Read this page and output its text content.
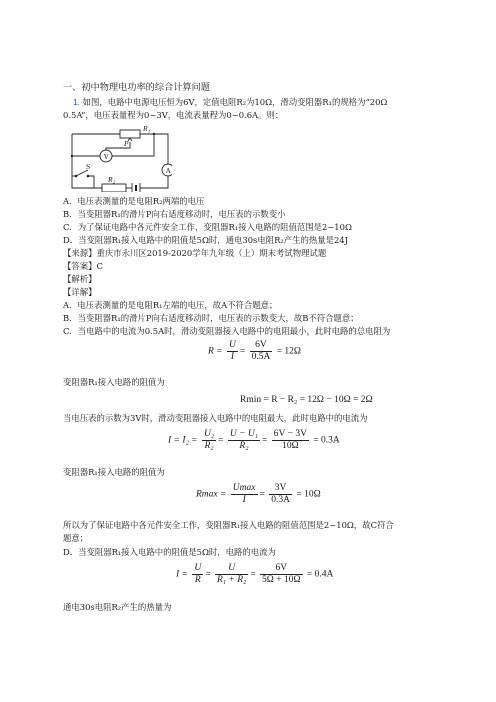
一、初中物理电功率的综合计算问题
1. 如图，电路中电源电压恒为6V，定值电阻R₂为10Ω，滑动变阻器R₁的规格为“20Ω
0.5A”，电压表量程为0~3V，电流表量程为0~0.6A。则：
R₁
P
V
A
S
R₂
A．电压表测量的是电阻R₂两端的电压
B．当变阻器R₁的滑片P向右适度移动时，电压表的示数变小
C．为了保证电路中各元件安全工作，变阻器R₁接入电路的阻值范围是2~10Ω
D．当变阻器R₁接入电路中的阻值是5Ω时，通电30s电阻R₂产生的热量是24J
【来源】重庆市永川区2019-2020学年九年级（上）期末考试物理试题
【答案】C
【解析】
【详解】
A．电压表测量的是电阻R₁左端的电压，故A不符合题意；
B．当变阻器R₁的滑片P向右适度移动时，电压表的示数变大，故B不符合题意；
C．当电路中的电流为0.5A时，滑动变阻器接入电路中的电阻最小，此时电路的总电阻为
$R = \frac{U}{I} = \frac{6V}{0.5A} = 12\Omega$
变阻器R₁接入电路的阻值为
Rmin = R − R₂ = 12Ω − 10Ω = 2Ω
当电压表的示数为3V时，滑动变阻器接入电路中的电阻最大，此时电路中的电流为
$I = I_2 = \frac{\text{U₂}}{\text{R₂}} = \frac{\text{U − U₁}}{\text{R₂}} = \frac{6V - 3V}{10\Omega} = 0.3A$
变阻器R₁接入电路的阻值为
Rmax =
Umax
I
= $\frac{3V}{0.3A} = 10\Omega$
所以为了保证电路中各元件安全工作，变阻器R₁接入电路的阻值范围是2~10Ω，故C符合
题意；
D．当变阻器R₁接入电路中的阻值是5Ω时，电路的电流为
$I = \frac{U}{R} = \frac{U}{\text{R₁ + R₂}} = \frac{6V}{5\Omega + 10\Omega} = 0.4A$
通电30s电阻R₂产生的热量为
